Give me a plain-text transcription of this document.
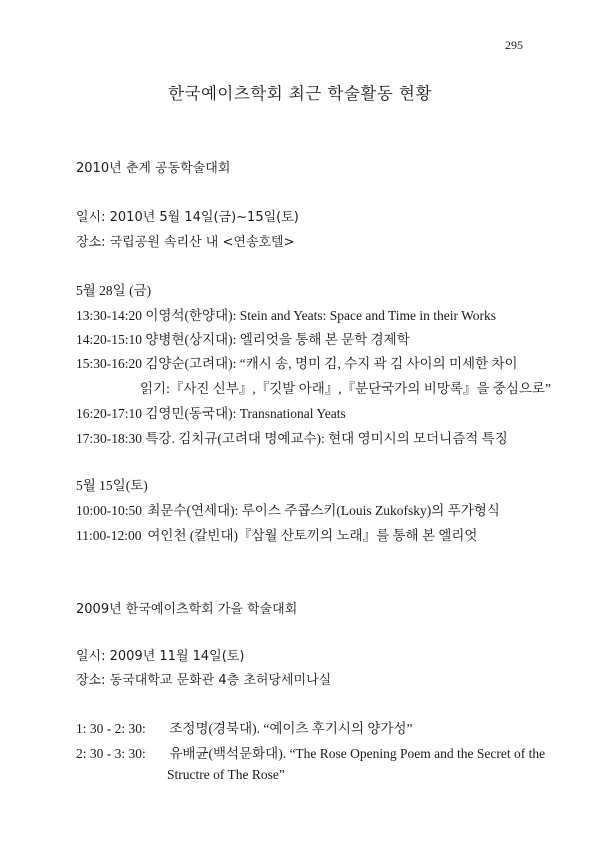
295
한국예이츠학회 최근 학술활동 현황
2010년 춘계 공동학술대회
일시: 2010년 5월 14일(금)~15일(토)
장소: 국립공원 속리산 내 <연송호텔>
5월 28일 (금)
13:30-14:20 이영석(한양대): Stein and Yeats: Space and Time in their Works
14:20-15:10 양병현(상지대): 엘리엇을 통해 본 문학 경제학
15:30-16:20 김양순(고려대): “캐시 송, 명미 김, 수지 곽 김 사이의 미세한 차이
읽기:『사진 신부』,『깃발 아래』,『분단국가의 비망록』을 중심으로”
16:20-17:10 김영민(동국대): Transnational Yeats
17:30-18:30 특강. 김치규(고려대 명예교수): 현대 영미시의 모더니즘적 특징
5월 15일(토)
10:00-10:50 최문수(연세대): 루이스 주콥스키(Louis Zukofsky)의 푸가형식
11:00-12:00 여인천 (칼빈대)『삼월 산토끼의 노래』를 통해 본 엘리엇
2009년 한국예이츠학회 가을 학술대회
일시: 2009년 11월 14일(토)
장소: 동국대학교 문화관 4층 초허당세미나실
1: 30 - 2: 30: 조정명(경북대). “예이츠 후기시의 양가성”
2: 30 - 3: 30: 유배균(백석문화대). “The Rose Opening Poem and the Secret of the
Structre of The Rose”
